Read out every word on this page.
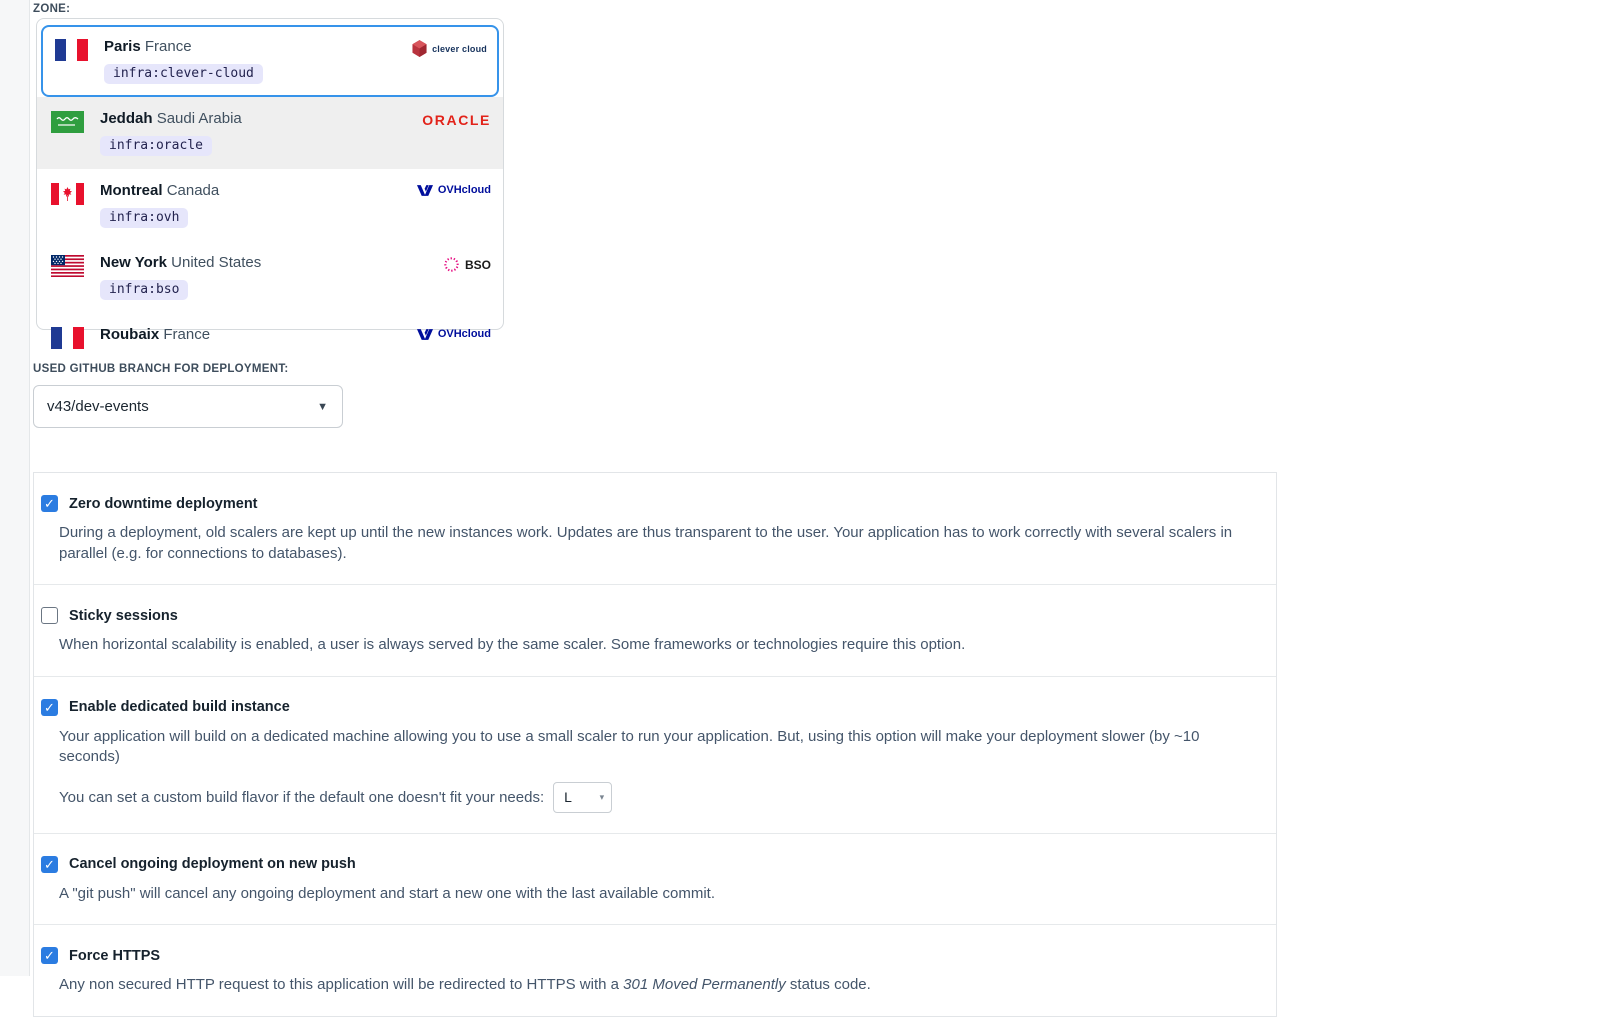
ZONE:
Paris France
infra:clever-cloud
clever cloud
Jeddah Saudi Arabia
infra:oracle
ORACLE
Montreal Canada
infra:ovh
OVHcloud
New York United States
infra:bso
BSO
Roubaix France	OVHcloud
USED GITHUB BRANCH FOR DEPLOYMENT:
v43/dev-events	▼
✓
Zero downtime deployment
During a deployment, old scalers are kept up until the new instances work. Updates are thus transparent to the user. Your application has to work correctly with several scalers in parallel (e.g. for connections to databases).
Sticky sessions
When horizontal scalability is enabled, a user is always served by the same scaler. Some frameworks or technologies require this option.
✓
Enable dedicated build instance
Your application will build on a dedicated machine allowing you to use a small scaler to run your application. But, using this option will make your deployment slower (by ~10 seconds)
You can set a custom build flavor if the default one doesn't fit your needs: L	▾
✓
Cancel ongoing deployment on new push
A "git push" will cancel any ongoing deployment and start a new one with the last available commit.
✓
Force HTTPS
Any non secured HTTP request to this application will be redirected to HTTPS with a 301 Moved Permanently status code.
